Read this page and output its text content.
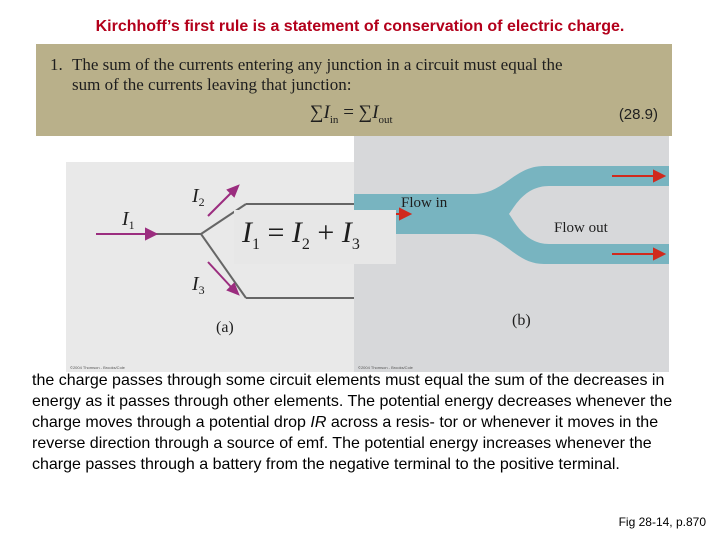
Kirchhoff’s first rule is a statement of conservation of electric charge.
1. The sum of the currents entering any junction in a circuit must equal the
sum of the currents leaving that junction:
$\sum I_{in} = \sum I_{out}$	(28.9)
$I_1$
$I_2$
$I_3$
(a)
©2004 Thomson - Brooks/Cole
Flow in
Flow out
(b)
©2004 Thomson - Brooks/Cole
$I_1 = I_2 + I_3$
the charge passes through some circuit elements must equal the sum of the decreases in energy as it passes through other elements. The potential energy decreases whenever the charge moves through a potential drop IR across a resis- tor or whenever it moves in the reverse direction through a source of emf. The potential energy increases whenever the charge passes through a battery from the negative terminal to the positive terminal.
Fig 28-14, p.870
